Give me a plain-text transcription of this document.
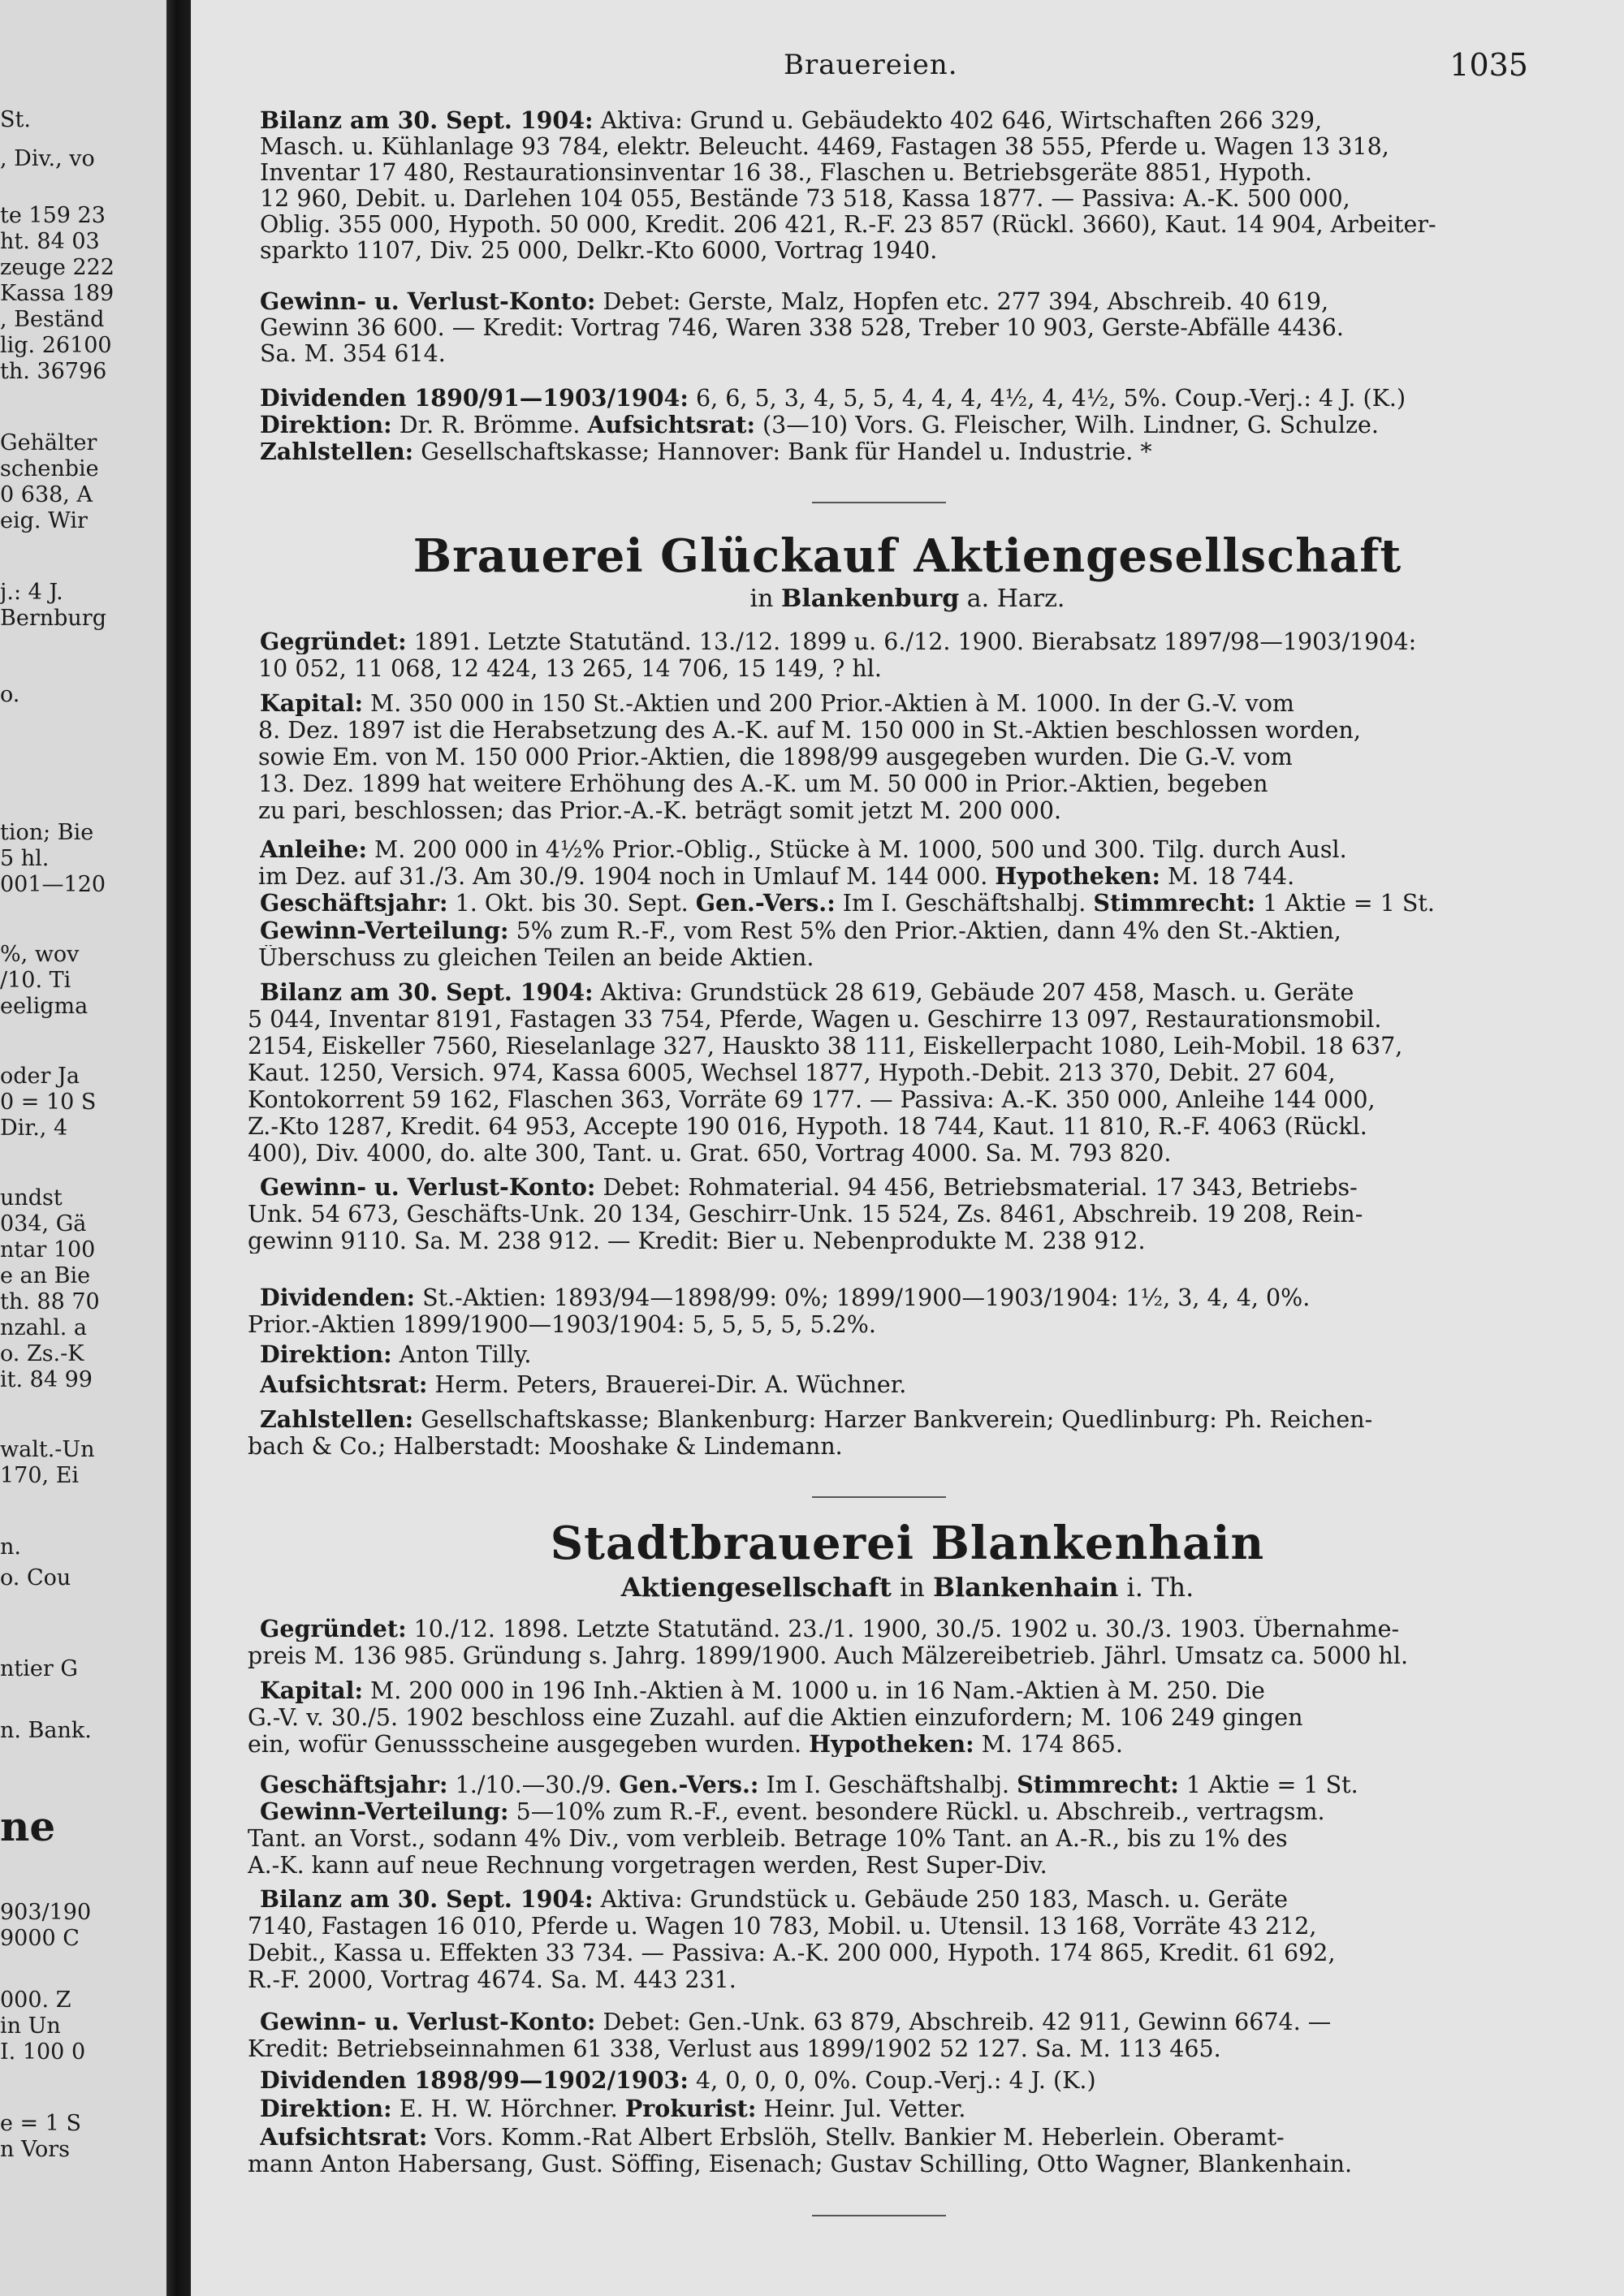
St.
, Div., vo
te 159 23
ht. 84 03
zeuge 222
Kassa 189
, Beständ
lig. 26100
th. 36796
Gehälter
schenbie
0 638, A
eig. Wir
j.: 4 J.
Bernburg
o.
tion; Bie
5 hl.
001—120
%, wov
/10. Ti
eeligma
oder Ja
0 = 10 S
Dir., 4
undst
034, Gä
ntar 100
e an Bie
th. 88 70
nzahl. a
o. Zs.-K
it. 84 99
walt.-Un
170, Ei
n.
o. Cou
ntier G
n. Bank.
ne
903/190
9000 C
000. Z
in Un
I. 100 0
e = 1 S
n Vors
Brauereien.	1035
Bilanz am 30. Sept. 1904: Aktiva: Grund u. Gebäudekto 402 646, Wirtschaften 266 329,
Masch. u. Kühlanlage 93 784, elektr. Beleucht. 4469, Fastagen 38 555, Pferde u. Wagen 13 318,
Inventar 17 480, Restaurationsinventar 16 38., Flaschen u. Betriebsgeräte 8851, Hypoth.
12 960, Debit. u. Darlehen 104 055, Bestände 73 518, Kassa 1877. — Passiva: A.-K. 500 000,
Oblig. 355 000, Hypoth. 50 000, Kredit. 206 421, R.-F. 23 857 (Rückl. 3660), Kaut. 14 904, Arbeiter-
sparkto 1107, Div. 25 000, Delkr.-Kto 6000, Vortrag 1940.
Gewinn- u. Verlust-Konto: Debet: Gerste, Malz, Hopfen etc. 277 394, Abschreib. 40 619,
Gewinn 36 600. — Kredit: Vortrag 746, Waren 338 528, Treber 10 903, Gerste-Abfälle 4436.
Sa. M. 354 614.
Dividenden 1890/91—1903/1904: 6, 6, 5, 3, 4, 5, 5, 4, 4, 4, 4½, 4, 4½, 5%. Coup.-Verj.: 4 J. (K.)
Direktion: Dr. R. Brömme. Aufsichtsrat: (3—10) Vors. G. Fleischer, Wilh. Lindner, G. Schulze.
Zahlstellen: Gesellschaftskasse; Hannover: Bank für Handel u. Industrie. *
Brauerei Glückauf Aktiengesellschaft
in Blankenburg a. Harz.
Gegründet: 1891. Letzte Statutänd. 13./12. 1899 u. 6./12. 1900. Bierabsatz 1897/98—1903/1904:
10 052, 11 068, 12 424, 13 265, 14 706, 15 149, ? hl.
Kapital: M. 350 000 in 150 St.-Aktien und 200 Prior.-Aktien à M. 1000. In der G.-V. vom
8. Dez. 1897 ist die Herabsetzung des A.-K. auf M. 150 000 in St.-Aktien beschlossen worden,
sowie Em. von M. 150 000 Prior.-Aktien, die 1898/99 ausgegeben wurden. Die G.-V. vom
13. Dez. 1899 hat weitere Erhöhung des A.-K. um M. 50 000 in Prior.-Aktien, begeben
zu pari, beschlossen; das Prior.-A.-K. beträgt somit jetzt M. 200 000.
Anleihe: M. 200 000 in 4½% Prior.-Oblig., Stücke à M. 1000, 500 und 300. Tilg. durch Ausl.
im Dez. auf 31./3. Am 30./9. 1904 noch in Umlauf M. 144 000. Hypotheken: M. 18 744.
Geschäftsjahr: 1. Okt. bis 30. Sept. Gen.-Vers.: Im I. Geschäftshalbj. Stimmrecht: 1 Aktie = 1 St.
Gewinn-Verteilung: 5% zum R.-F., vom Rest 5% den Prior.-Aktien, dann 4% den St.-Aktien,
Überschuss zu gleichen Teilen an beide Aktien.
Bilanz am 30. Sept. 1904: Aktiva: Grundstück 28 619, Gebäude 207 458, Masch. u. Geräte
5 044, Inventar 8191, Fastagen 33 754, Pferde, Wagen u. Geschirre 13 097, Restaurationsmobil.
2154, Eiskeller 7560, Rieselanlage 327, Hauskto 38 111, Eiskellerpacht 1080, Leih-Mobil. 18 637,
Kaut. 1250, Versich. 974, Kassa 6005, Wechsel 1877, Hypoth.-Debit. 213 370, Debit. 27 604,
Kontokorrent 59 162, Flaschen 363, Vorräte 69 177. — Passiva: A.-K. 350 000, Anleihe 144 000,
Z.-Kto 1287, Kredit. 64 953, Accepte 190 016, Hypoth. 18 744, Kaut. 11 810, R.-F. 4063 (Rückl.
400), Div. 4000, do. alte 300, Tant. u. Grat. 650, Vortrag 4000. Sa. M. 793 820.
Gewinn- u. Verlust-Konto: Debet: Rohmaterial. 94 456, Betriebsmaterial. 17 343, Betriebs-
Unk. 54 673, Geschäfts-Unk. 20 134, Geschirr-Unk. 15 524, Zs. 8461, Abschreib. 19 208, Rein-
gewinn 9110. Sa. M. 238 912. — Kredit: Bier u. Nebenprodukte M. 238 912.
Dividenden: St.-Aktien: 1893/94—1898/99: 0%; 1899/1900—1903/1904: 1½, 3, 4, 4, 0%.
Prior.-Aktien 1899/1900—1903/1904: 5, 5, 5, 5, 5.2%.
Direktion: Anton Tilly.
Aufsichtsrat: Herm. Peters, Brauerei-Dir. A. Wüchner.
Zahlstellen: Gesellschaftskasse; Blankenburg: Harzer Bankverein; Quedlinburg: Ph. Reichen-
bach & Co.; Halberstadt: Mooshake & Lindemann.
Stadtbrauerei Blankenhain
Aktiengesellschaft in Blankenhain i. Th.
Gegründet: 10./12. 1898. Letzte Statutänd. 23./1. 1900, 30./5. 1902 u. 30./3. 1903. Übernahme-
preis M. 136 985. Gründung s. Jahrg. 1899/1900. Auch Mälzereibetrieb. Jährl. Umsatz ca. 5000 hl.
Kapital: M. 200 000 in 196 Inh.-Aktien à M. 1000 u. in 16 Nam.-Aktien à M. 250. Die
G.-V. v. 30./5. 1902 beschloss eine Zuzahl. auf die Aktien einzufordern; M. 106 249 gingen
ein, wofür Genussscheine ausgegeben wurden. Hypotheken: M. 174 865.
Geschäftsjahr: 1./10.—30./9. Gen.-Vers.: Im I. Geschäftshalbj. Stimmrecht: 1 Aktie = 1 St.
Gewinn-Verteilung: 5—10% zum R.-F., event. besondere Rückl. u. Abschreib., vertragsm.
Tant. an Vorst., sodann 4% Div., vom verbleib. Betrage 10% Tant. an A.-R., bis zu 1% des
A.-K. kann auf neue Rechnung vorgetragen werden, Rest Super-Div.
Bilanz am 30. Sept. 1904: Aktiva: Grundstück u. Gebäude 250 183, Masch. u. Geräte
7140, Fastagen 16 010, Pferde u. Wagen 10 783, Mobil. u. Utensil. 13 168, Vorräte 43 212,
Debit., Kassa u. Effekten 33 734. — Passiva: A.-K. 200 000, Hypoth. 174 865, Kredit. 61 692,
R.-F. 2000, Vortrag 4674. Sa. M. 443 231.
Gewinn- u. Verlust-Konto: Debet: Gen.-Unk. 63 879, Abschreib. 42 911, Gewinn 6674. —
Kredit: Betriebseinnahmen 61 338, Verlust aus 1899/1902 52 127. Sa. M. 113 465.
Dividenden 1898/99—1902/1903: 4, 0, 0, 0, 0%. Coup.-Verj.: 4 J. (K.)
Direktion: E. H. W. Hörchner. Prokurist: Heinr. Jul. Vetter.
Aufsichtsrat: Vors. Komm.-Rat Albert Erbslöh, Stellv. Bankier M. Heberlein. Oberamt-
mann Anton Habersang, Gust. Söffing, Eisenach; Gustav Schilling, Otto Wagner, Blankenhain.
